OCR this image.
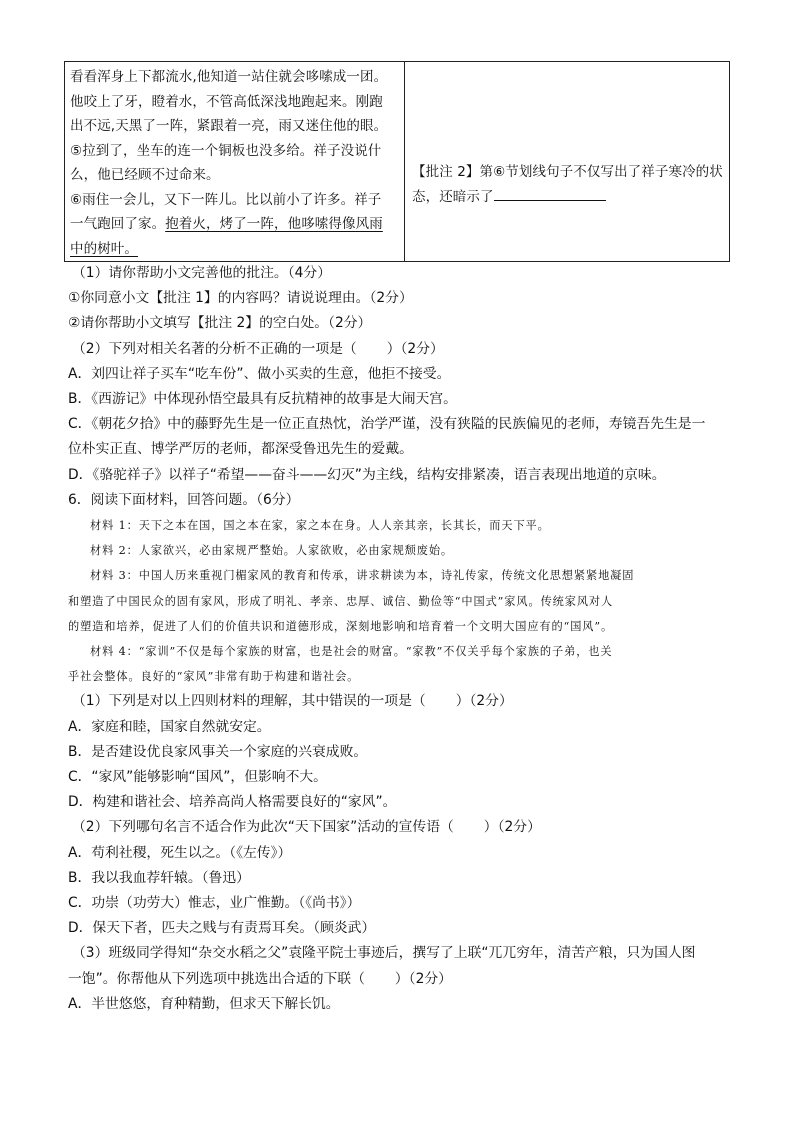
看看浑身上下都流水,他知道一站住就会哆嗦成一团。
他咬上了牙，瞪着水，不管高低深浅地跑起来。刚跑
出不远,天黑了一阵，紧跟着一亮，雨又迷住他的眼。
⑤拉到了，坐车的连一个铜板也没多给。祥子没说什
么，他已经顾不过命来。
⑥雨住一会儿，又下一阵儿。比以前小了许多。祥子
一气跑回了家。抱着火，烤了一阵，他哆嗦得像风雨
中的树叶。

【批注 2】第⑥节划线句子不仅写出了祥子寒冷的状
态，还暗示了
（1）请你帮助小文完善他的批注。（4分）
①你同意小文【批注 1】的内容吗？请说说理由。（2分）
②请你帮助小文填写【批注 2】的空白处。（2分）
（2）下列对相关名著的分析不正确的一项是（ ）（2分）
A．刘四让祥子买车“吃车份”、做小买卖的生意，他拒不接受。
B．《西游记》中体现孙悟空最具有反抗精神的故事是大闹天宫。
C．《朝花夕拾》中的藤野先生是一位正直热忱，治学严谨，没有狭隘的民族偏见的老师，寿镜吾先生是一
位朴实正直、博学严厉的老师，都深受鲁迅先生的爱戴。
D．《骆驼祥子》以祥子“希望——奋斗——幻灭”为主线，结构安排紧凑，语言表现出地道的京味。
6．阅读下面材料，回答问题。（6分）
材料 1：天下之本在国，国之本在家，家之本在身。人人亲其亲，长其长，而天下平。
材料 2：人家欲兴，必由家规严整始。人家欲败，必由家规颓废始。
材料 3：中国人历来重视门楣家风的教育和传承，讲求耕读为本，诗礼传家，传统文化思想紧紧地凝固
和塑造了中国民众的固有家风，形成了明礼、孝亲、忠厚、诚信、勤俭等“中国式”家风。传统家风对人
的塑造和培养，促进了人们的价值共识和道德形成，深刻地影响和培育着一个文明大国应有的“国风”。
材料 4：“家训”不仅是每个家族的财富，也是社会的财富。“家教”不仅关乎每个家族的子弟，也关
乎社会整体。良好的“家风”非常有助于构建和谐社会。
（1）下列是对以上四则材料的理解，其中错误的一项是（ ）（2分）
A．家庭和睦，国家自然就安定。
B．是否建设优良家风事关一个家庭的兴衰成败。
C．“家风”能够影响“国风”，但影响不大。
D．构建和谐社会、培养高尚人格需要良好的“家风”。
（2）下列哪句名言不适合作为此次“天下国家”活动的宣传语（ ）（2分）
A．苟利社稷，死生以之。（《左传》）
B．我以我血荐轩辕。（鲁迅）
C．功崇（功劳大）惟志，业广惟勤。（《尚书》）
D．保天下者，匹夫之贱与有责焉耳矣。（顾炎武）
（3）班级同学得知“杂交水稻之父”袁隆平院士事迹后，撰写了上联“兀兀穷年，清苦产粮，只为国人图
一饱”。你帮他从下列选项中挑选出合适的下联（ ）（2分）
A．半世悠悠，育种精勤，但求天下解长饥。
